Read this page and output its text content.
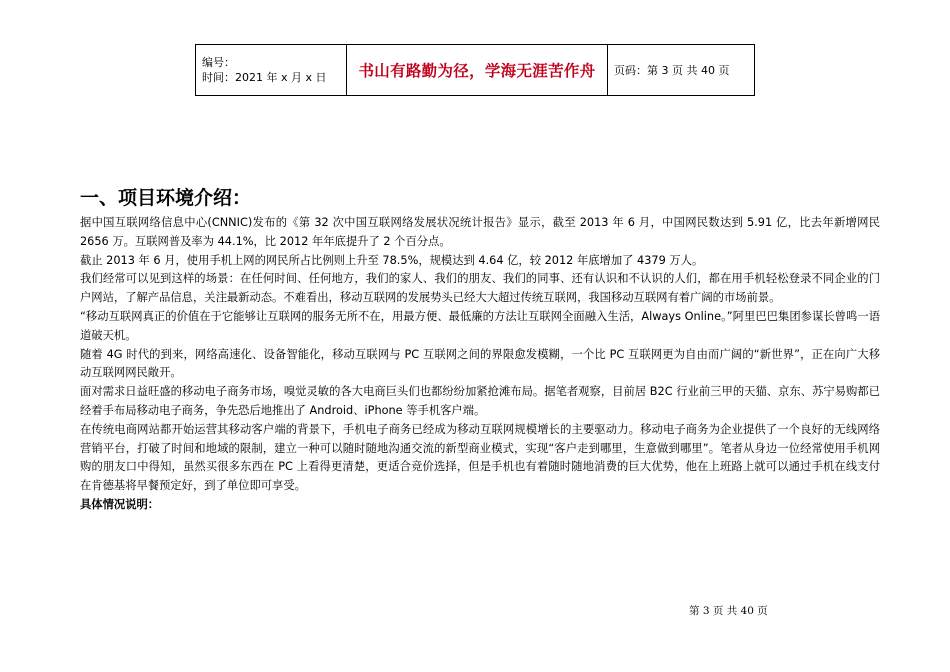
编号：
时间：2021 年 x 月 x 日	书山有路勤为径，学海无涯苦作舟	页码：第 3 页 共 40 页
一、项目环境介绍：

据中国互联网络信息中心(CNNIC)发布的《第 32 次中国互联网络发展状况统计报告》显示，截至 2013 年 6 月，中国网民数达到 5.91 亿，比去年新增网民 2656 万。互联网普及率为 44.1%，比 2012 年年底提升了 2 个百分点。

截止 2013 年 6 月，使用手机上网的网民所占比例则上升至 78.5%，规模达到 4.64 亿，较 2012 年底增加了 4379 万人。

我们经常可以见到这样的场景：在任何时间、任何地方，我们的家人、我们的朋友、我们的同事、还有认识和不认识的人们，都在用手机轻松登录不同企业的门户网站，了解产品信息，关注最新动态。不难看出，移动互联网的发展势头已经大大超过传统互联网，我国移动互联网有着广阔的市场前景。

“移动互联网真正的价值在于它能够让互联网的服务无所不在，用最方便、最低廉的方法让互联网全面融入生活，Always Online。”阿里巴巴集团参谋长曾鸣一语道破天机。

随着 4G 时代的到来，网络高速化、设备智能化，移动互联网与 PC 互联网之间的界限愈发模糊，一个比 PC 互联网更为自由而广阔的“新世界”，正在向广大移动互联网网民敞开。

面对需求日益旺盛的移动电子商务市场，嗅觉灵敏的各大电商巨头们也都纷纷加紧抢滩布局。据笔者观察，目前居 B2C 行业前三甲的天猫、京东、苏宁易购都已经着手布局移动电子商务，争先恐后地推出了 Android、iPhone 等手机客户端。

在传统电商网站都开始运营其移动客户端的背景下，手机电子商务已经成为移动互联网规模增长的主要驱动力。移动电子商务为企业提供了一个良好的无线网络营销平台，打破了时间和地域的限制，建立一种可以随时随地沟通交流的新型商业模式，实现“客户走到哪里，生意做到哪里”。笔者从身边一位经常使用手机网购的朋友口中得知，虽然买很多东西在 PC 上看得更清楚，更适合竞价选择，但是手机也有着随时随地消费的巨大优势，他在上班路上就可以通过手机在线支付在肯德基将早餐预定好，到了单位即可享受。

具体情况说明：

第 3 页 共 40 页
